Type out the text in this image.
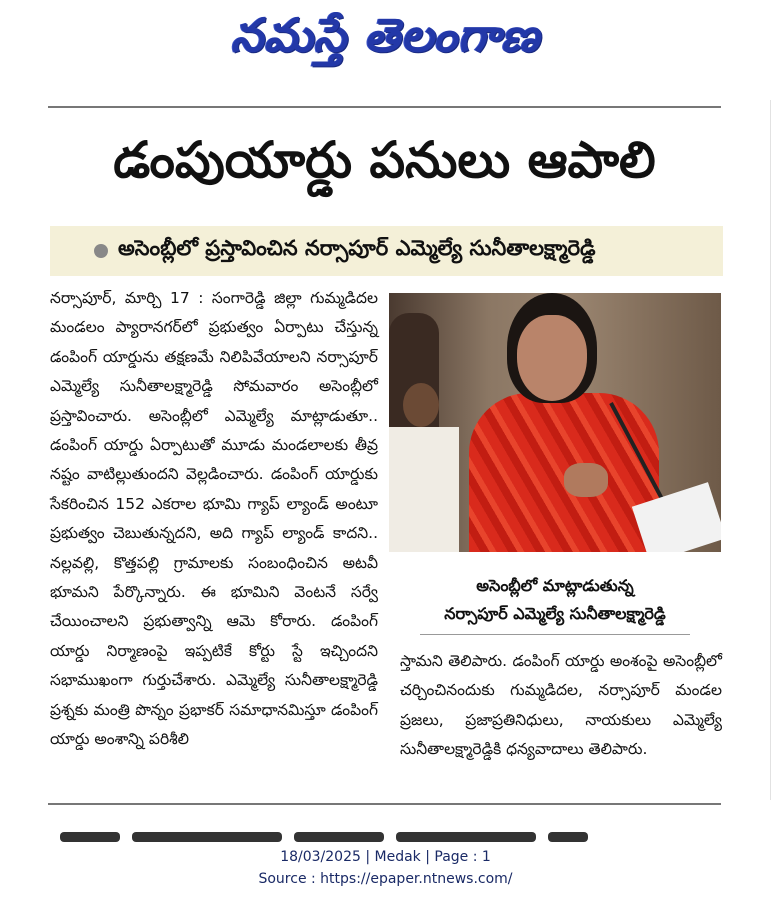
నమస్తే తెలంగాణ
డంపుయార్డు పనులు ఆపాలి
అసెంబ్లీలో ప్రస్తావించిన నర్సాపూర్ ఎమ్మెల్యే సునీతాలక్ష్మారెడ్డి

నర్సాపూర్, మార్చి 17 : సంగారెడ్డి జిల్లా గుమ్మడిదల మండలం ప్యారానగర్‌లో ప్రభుత్వం ఏర్పాటు చేస్తున్న డంపింగ్ యార్డును తక్షణమే నిలిపివేయాలని నర్సాపూర్ ఎమ్మెల్యే సునీతాలక్ష్మారెడ్డి సోమవారం అసెంబ్లీలో ప్రస్తావించారు. అసెంబ్లీలో ఎమ్మెల్యే మాట్లాడుతూ.. డంపింగ్ యార్డు ఏర్పాటుతో మూడు మండలాలకు తీవ్ర నష్టం వాటిల్లుతుందని వెల్లడించారు. డంపింగ్ యార్డుకు సేకరించిన 152 ఎకరాల భూమి గ్యాప్ ల్యాండ్ అంటూ ప్రభుత్వం చెబుతున్నదని, అది గ్యాప్ ల్యాండ్ కాదని.. నల్లవల్లి, కొత్తపల్లి గ్రామాలకు సంబంధించిన అటవీ భూమని పేర్కొన్నారు. ఈ భూమిని వెంటనే సర్వే చేయించాలని ప్రభుత్వాన్ని ఆమె కోరారు. డంపింగ్ యార్డు నిర్మాణంపై ఇప్పటికే కోర్టు స్టే ఇచ్చిందని సభాముఖంగా గుర్తుచేశారు. ఎమ్మెల్యే సునీతాలక్ష్మారెడ్డి ప్రశ్నకు మంత్రి పొన్నం ప్రభాకర్ సమాధానమిస్తూ డంపింగ్ యార్డు అంశాన్ని పరిశీలి

అసెంబ్లీలో మాట్లాడుతున్న
నర్సాపూర్ ఎమ్మెల్యే సునీతాలక్ష్మారెడ్డి

స్తామని తెలిపారు. డంపింగ్ యార్డు అంశంపై అసెంబ్లీలో చర్చించినందుకు గుమ్మడిదల, నర్సాపూర్ మండల ప్రజలు, ప్రజాప్రతినిధులు, నాయకులు ఎమ్మెల్యే సునీతాలక్ష్మారెడ్డికి ధన్యవాదాలు తెలిపారు.

18/03/2025 | Medak | Page : 1
Source : https://epaper.ntnews.com/
